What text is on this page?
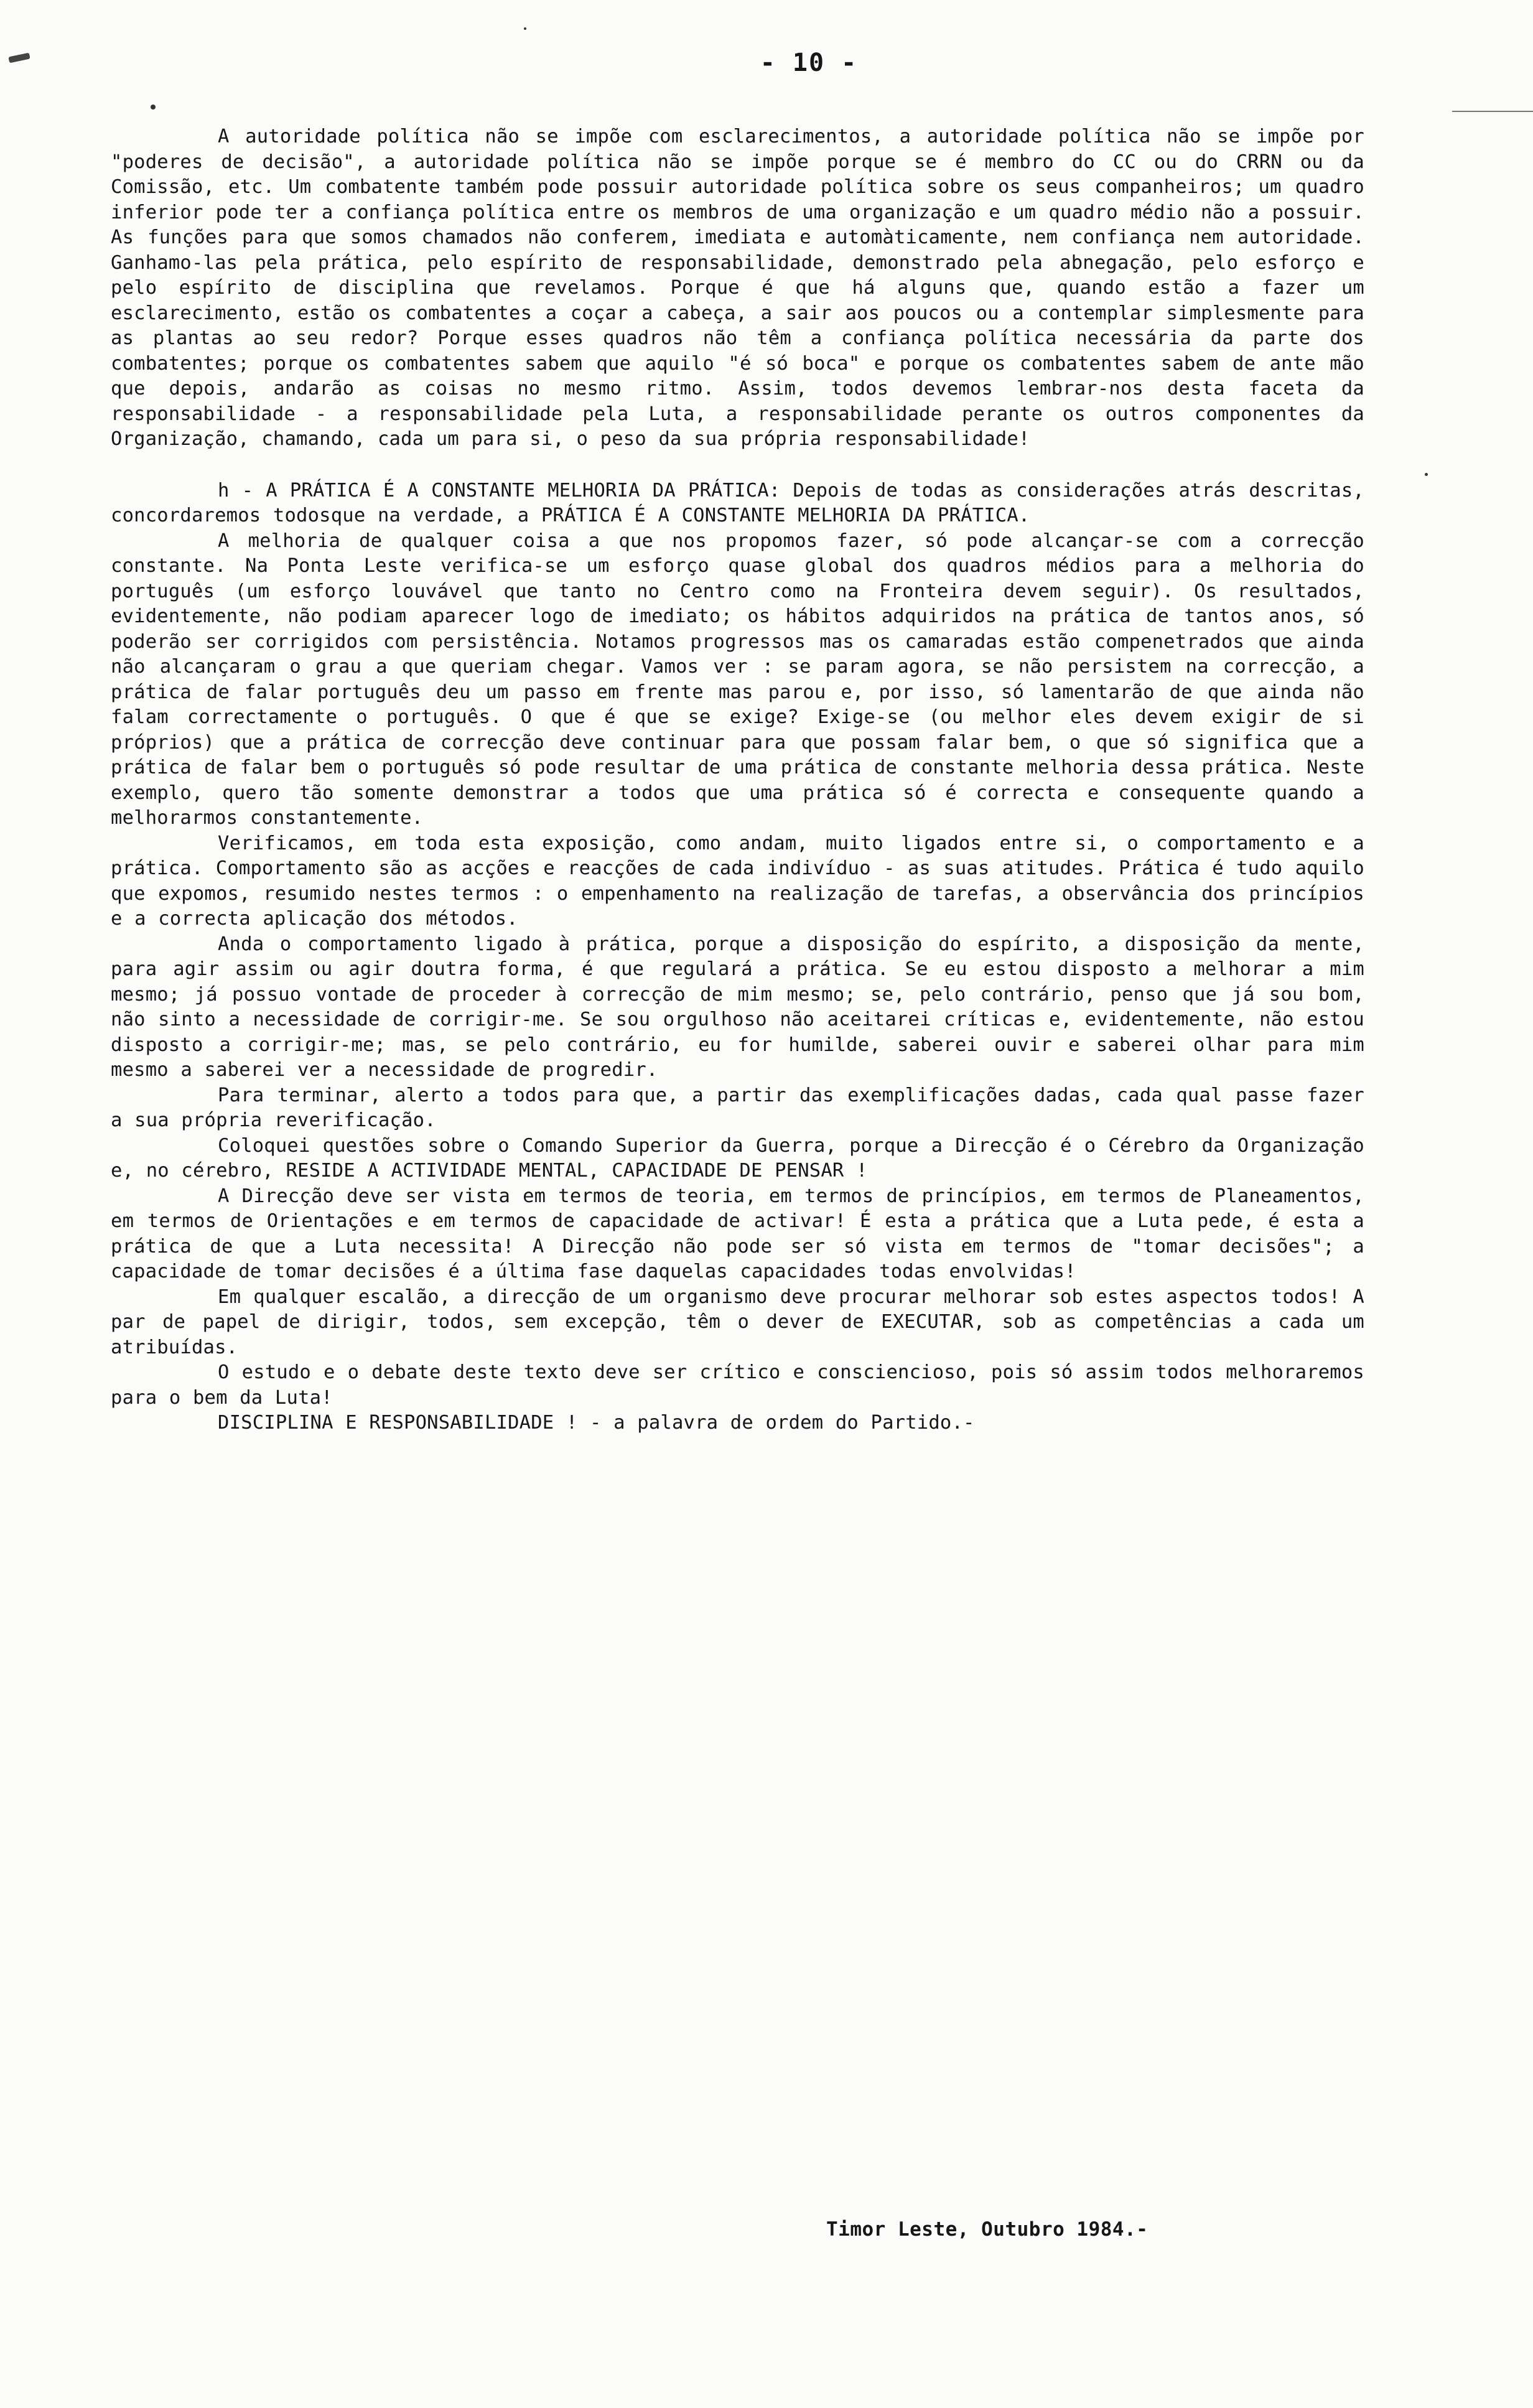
- 10 -

A autoridade política não se impõe com esclarecimentos, a autoridade política não se impõe por "poderes de decisão", a autoridade política não se impõe porque se é membro do CC ou do CRRN ou da Comissão, etc. Um combatente também pode possuir autoridade política sobre os seus companheiros; um quadro inferior pode ter a confiança política entre os membros de uma organização e um quadro médio não a possuir. As funções para que somos chamados não conferem, imediata e automàticamente, nem confiança nem autoridade. Ganhamo-las pela prática, pelo espírito de responsabilidade, demonstrado pela abnegação, pelo esforço e pelo espírito de disciplina que revelamos. Porque é que há alguns que, quando estão a fazer um esclarecimento, estão os combatentes a coçar a cabeça, a sair aos poucos ou a contemplar simplesmente para as plantas ao seu redor? Porque esses quadros não têm a confiança política necessária da parte dos combatentes; porque os combatentes sabem que aquilo "é só boca" e porque os combatentes sabem de ante mão que depois, andarão as coisas no mesmo ritmo. Assim, todos devemos lembrar-nos desta faceta da responsabilidade - a responsabilidade pela Luta, a responsabilidade perante os outros componentes da Organização, chamando, cada um para si, o peso da sua própria responsabilidade!

h - A PRÁTICA É A CONSTANTE MELHORIA DA PRÁTICA: Depois de todas as considerações atrás descritas, concordaremos todosque na verdade, a PRÁTICA É A CONSTANTE MELHORIA DA PRÁTICA.

A melhoria de qualquer coisa a que nos propomos fazer, só pode alcançar-se com a correcção constante. Na Ponta Leste verifica-se um esforço quase global dos quadros médios para a melhoria do português (um esforço louvável que tanto no Centro como na Fronteira devem seguir). Os resultados, evidentemente, não podiam aparecer logo de imediato; os hábitos adquiridos na prática de tantos anos, só poderão ser corrigidos com persistência. Notamos progressos mas os camaradas estão compenetrados que ainda não alcançaram o grau a que queriam chegar. Vamos ver : se param agora, se não persistem na correcção, a prática de falar português deu um passo em frente mas parou e, por isso, só lamentarão de que ainda não falam correctamente o português. O que é que se exige? Exige-se (ou melhor eles devem exigir de si próprios) que a prática de correcção deve continuar para que possam falar bem, o que só significa que a prática de falar bem o português só pode resultar de uma prática de constante melhoria dessa prática. Neste exemplo, quero tão somente demonstrar a todos que uma prática só é correcta e consequente quando a melhorarmos constantemente.

Verificamos, em toda esta exposição, como andam, muito ligados entre si, o comportamento e a prática. Comportamento são as acções e reacções de cada indivíduo - as suas atitudes. Prática é tudo aquilo que expomos, resumido nestes termos : o empenhamento na realização de tarefas, a observância dos princípios e a correcta aplicação dos métodos.

Anda o comportamento ligado à prática, porque a disposição do espírito, a disposição da mente, para agir assim ou agir doutra forma, é que regulará a prática. Se eu estou disposto a melhorar a mim mesmo; já possuo vontade de proceder à correcção de mim mesmo; se, pelo contrário, penso que já sou bom, não sinto a necessidade de corrigir-me. Se sou orgulhoso não aceitarei críticas e, evidentemente, não estou disposto a corrigir-me; mas, se pelo contrário, eu for humilde, saberei ouvir e saberei olhar para mim mesmo a saberei ver a necessidade de progredir.

Para terminar, alerto a todos para que, a partir das exemplificações dadas, cada qual passe fazer a sua própria reverificação.

Coloquei questões sobre o Comando Superior da Guerra, porque a Direcção é o Cérebro da Organização e, no cérebro, RESIDE A ACTIVIDADE MENTAL, CAPACIDADE DE PENSAR !

A Direcção deve ser vista em termos de teoria, em termos de princípios, em termos de Planeamentos, em termos de Orientações e em termos de capacidade de activar! É esta a prática que a Luta pede, é esta a prática de que a Luta necessita! A Direcção não pode ser só vista em termos de "tomar decisões"; a capacidade de tomar decisões é a última fase daquelas capacidades todas envolvidas!

Em qualquer escalão, a direcção de um organismo deve procurar melhorar sob estes aspectos todos! A par de papel de dirigir, todos, sem excepção, têm o dever de EXECUTAR, sob as competências a cada um atribuídas.

O estudo e o debate deste texto deve ser crítico e consciencioso, pois só assim todos melhoraremos para o bem da Luta!

DISCIPLINA E RESPONSABILIDADE ! - a palavra de ordem do Partido.-

Timor Leste, Outubro 1984.-
